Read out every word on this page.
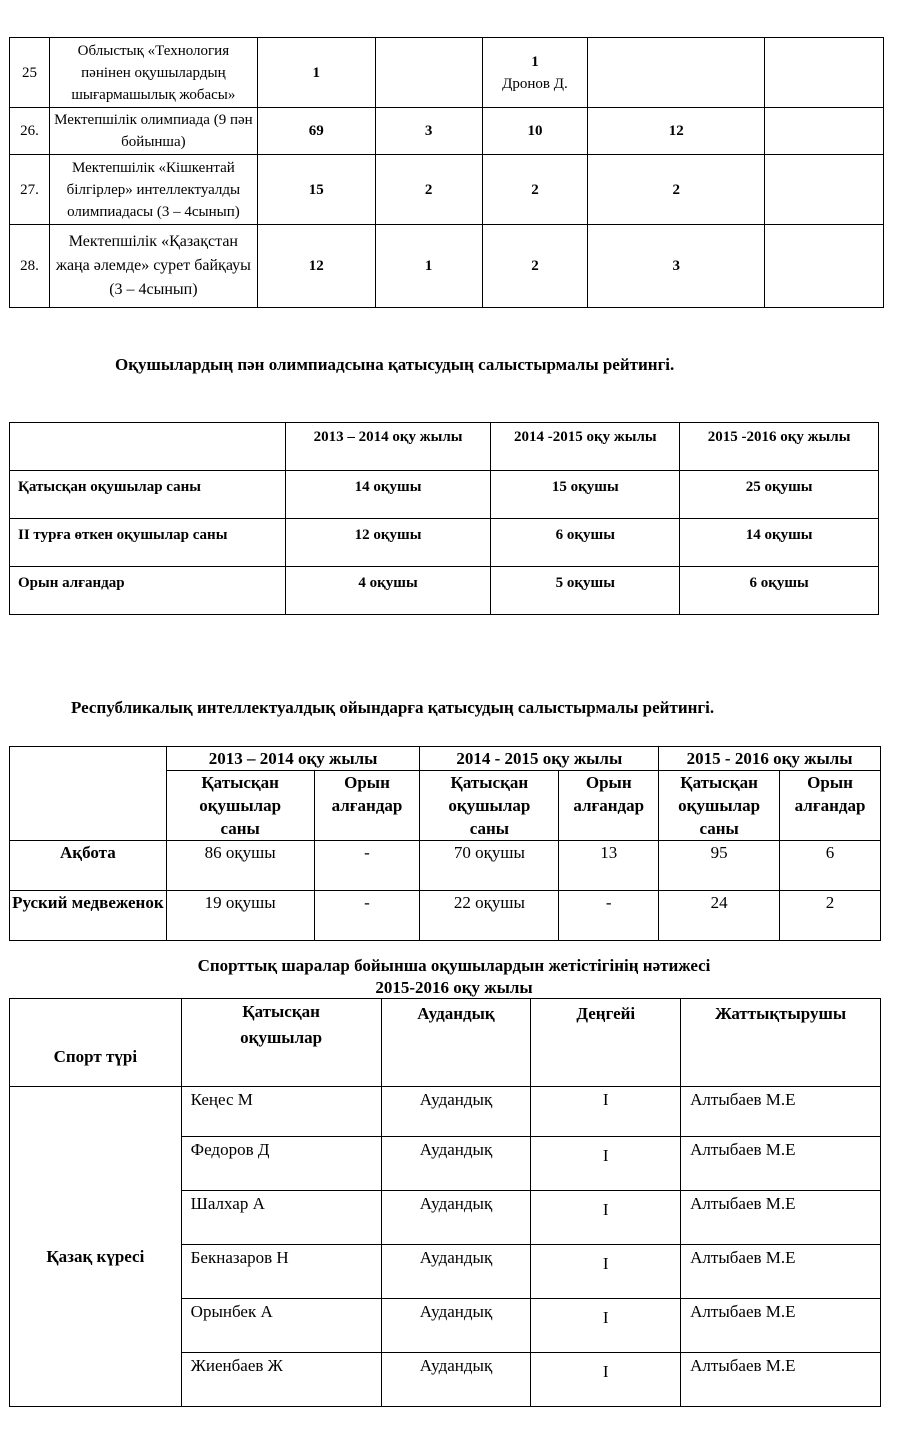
25	Облыстық «Технология пәнінен оқушылардың шығармашылық жобасы»	1		1
Дронов Д.		

26.	Мектепшілік олимпиада (9 пән бойынша)	69	3	10	12	
27.	Мектепшілік «Кішкентай білгірлер» интеллектуалды олимпиадасы (3 – 4сынып)	15	2	2	2	
28.	Мектепшілік «Қазақстан жаңа әлемде» сурет байқауы (3 – 4сынып)	12	1	2	3	
Оқушылардың пән олимпиадсына қатысудың салыстырмалы рейтингі.
	2013 – 2014 оқу жылы	2014 -2015 оқу жылы	2015 -2016 оқу жылы
Қатысқан оқушылар саны	14 оқушы	15 оқушы	25 оқушы
II турға өткен оқушылар саны	12 оқушы	6 оқушы	14 оқушы
Орын алғандар	4 оқушы	5 оқушы	6 оқушы
Республикалық интеллектуалдық ойындарға қатысудың салыстырмалы рейтингі.
	2013 – 2014 оқу жылы		2014 - 2015 оқу жылы		2015 - 2016 оқу жылы	
	Қатысқан оқушылар саны	Орын алғандар	Қатысқан оқушылар саны	Орын алғандар	Қатысқан оқушылар саны	Орын алғандар
Ақбота	86 оқушы	-	70 оқушы	13	95	6
Руский медвеженок	19 оқушы	-	22 оқушы	-	24	2
Спорттық шаралар бойынша оқушылардын жетістігінің нәтижесі
2015-2016 оқу жылы
Спорт түрі	Қатысқан оқушылар	Аудандық	Деңгейі	Жаттықтырушы
Қазақ күресі	Кеңес М	Аудандық	I	Алтыбаев М.Е
	Федоров Д	Аудандық	I	Алтыбаев М.Е
	Шалхар А	Аудандық	I	Алтыбаев М.Е
	Бекназаров Н	Аудандық	I	Алтыбаев М.Е
	Орынбек А	Аудандық	I	Алтыбаев М.Е
	Жиенбаев Ж	Аудандық	I	Алтыбаев М.Е
